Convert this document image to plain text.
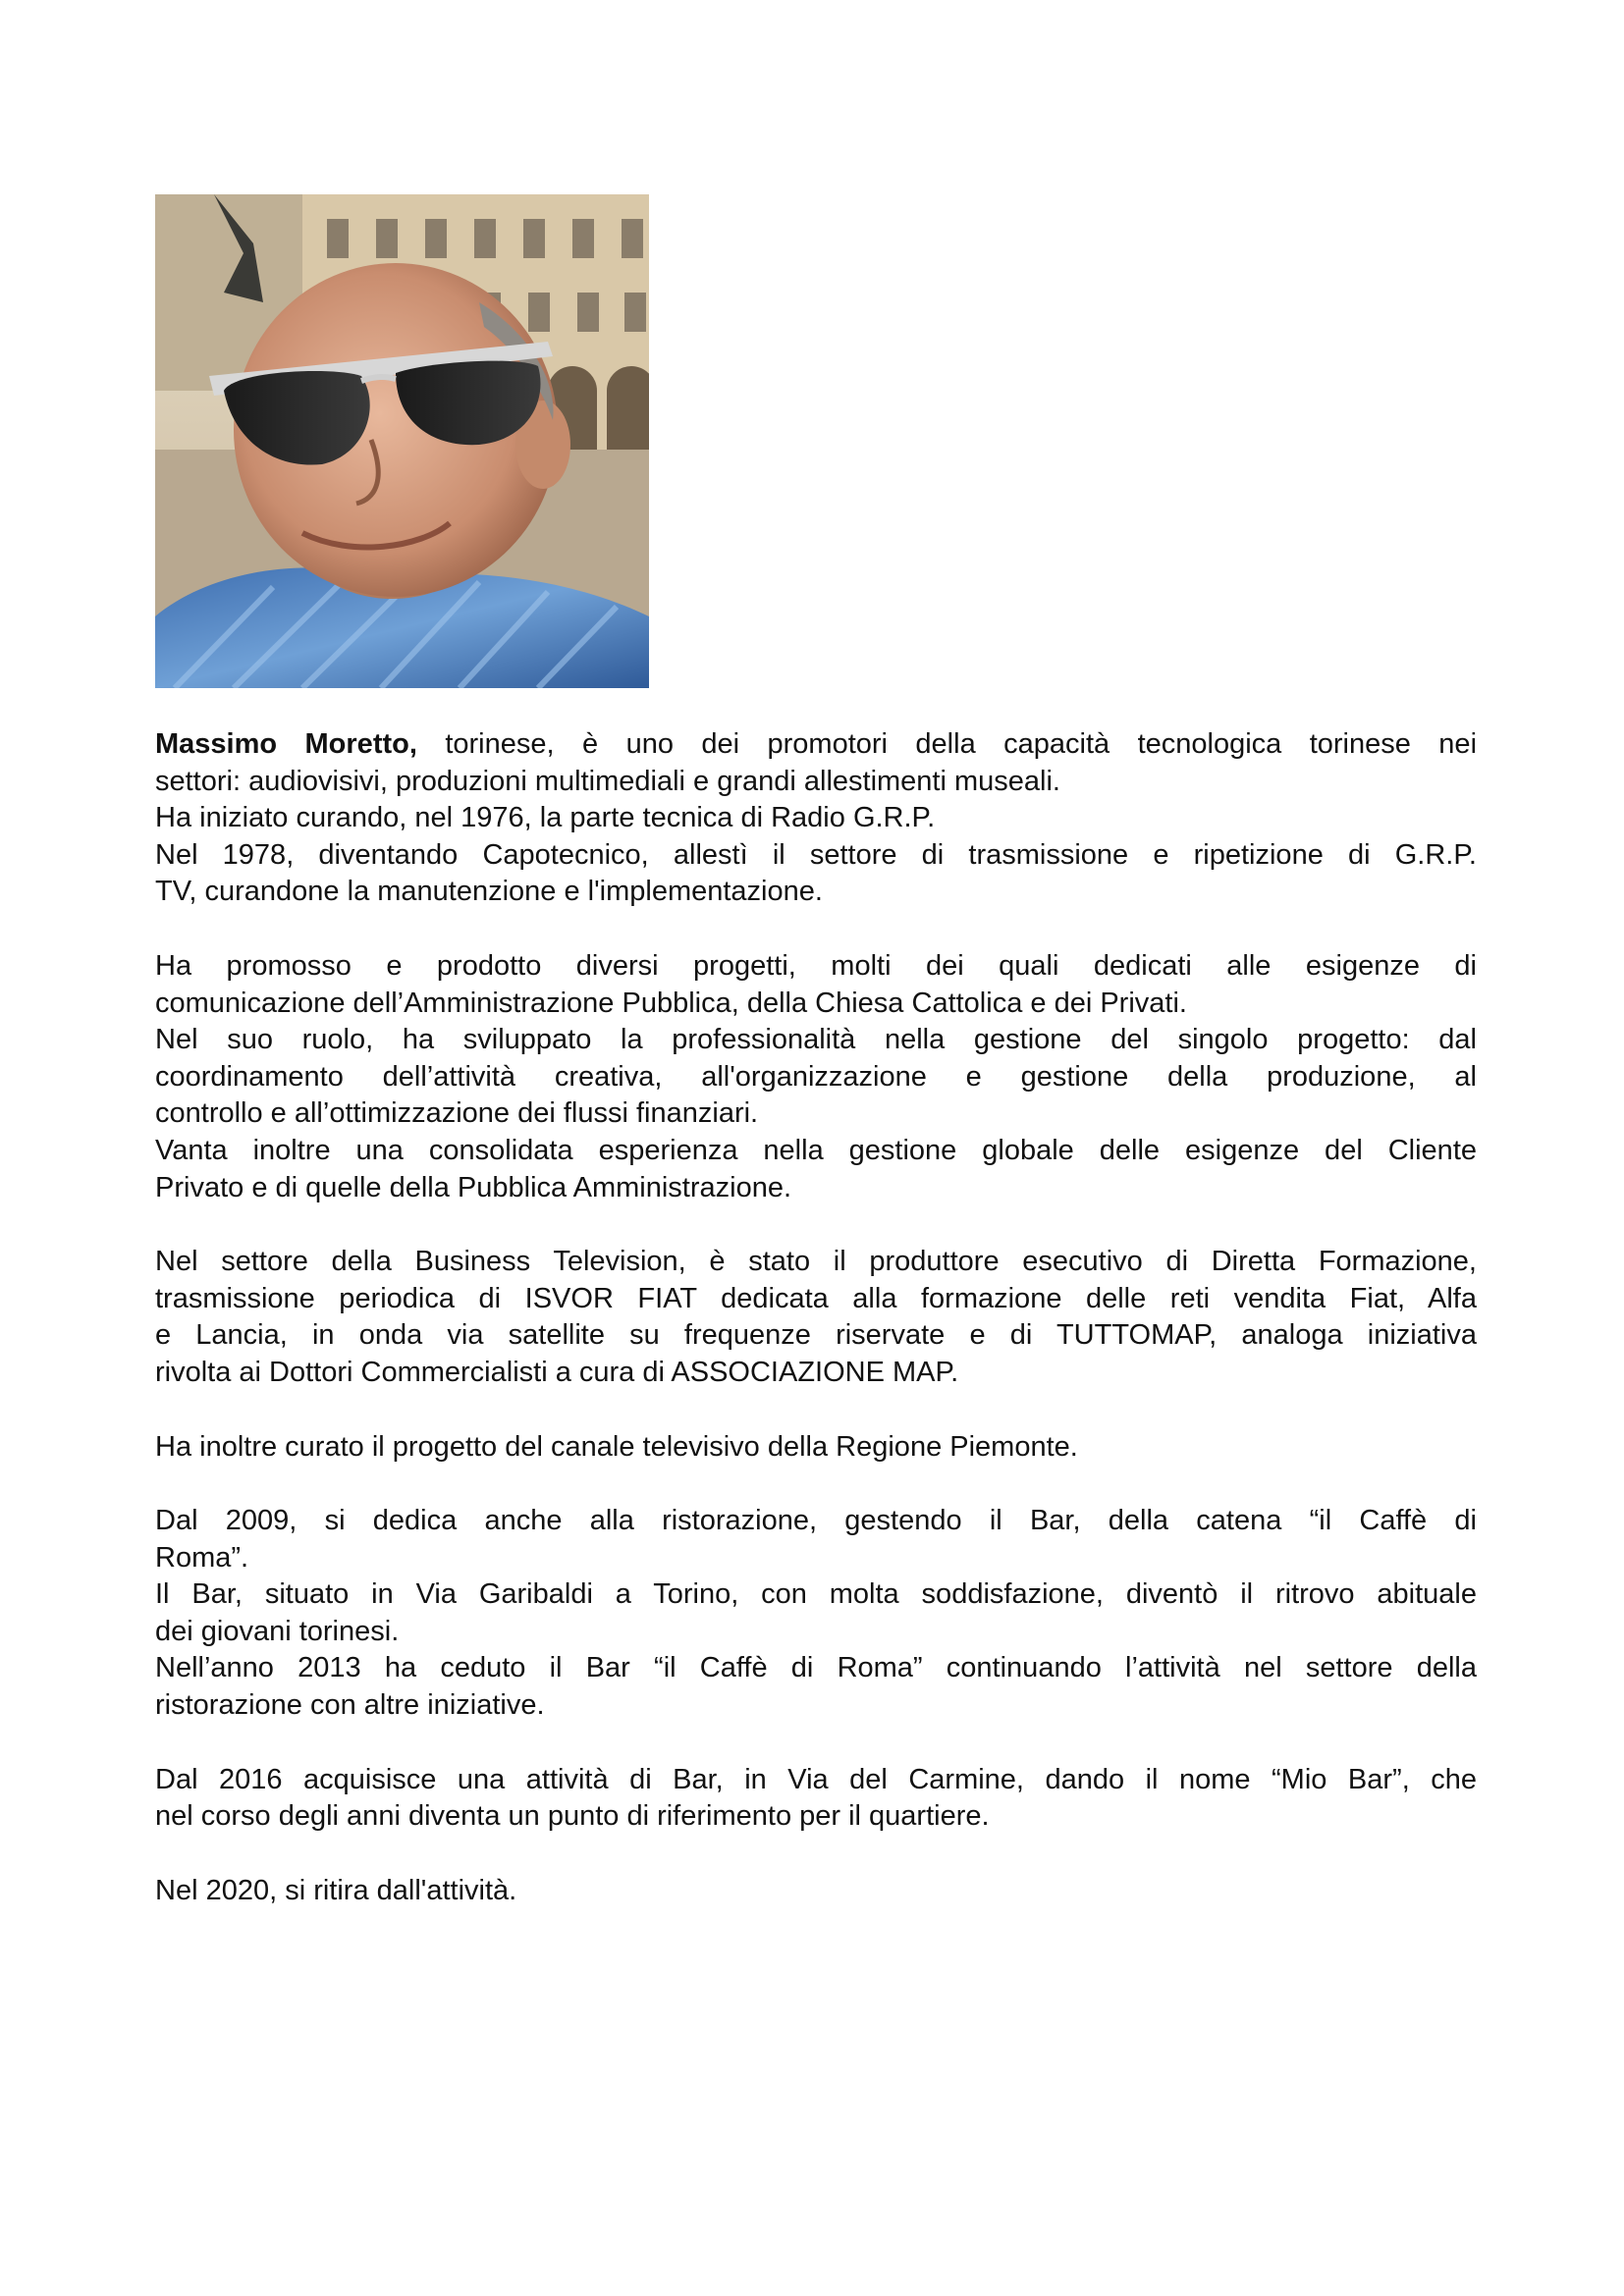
Massimo Moretto, torinese, è uno dei promotori della capacità tecnologica torinese nei
settori: audiovisivi, produzioni multimediali e grandi allestimenti museali.
Ha iniziato curando, nel 1976, la parte tecnica di Radio G.R.P.
Nel 1978, diventando Capotecnico, allestì il settore di trasmissione e ripetizione di G.R.P.
TV, curandone la manutenzione e l'implementazione.
Ha promosso e prodotto diversi progetti, molti dei quali dedicati alle esigenze di
comunicazione dell’Amministrazione Pubblica, della Chiesa Cattolica e dei Privati.
Nel suo ruolo, ha sviluppato la professionalità nella gestione del singolo progetto: dal
coordinamento dell’attività creativa, all'organizzazione e gestione della produzione, al
controllo e all’ottimizzazione dei flussi finanziari.
Vanta inoltre una consolidata esperienza nella gestione globale delle esigenze del Cliente
Privato e di quelle della Pubblica Amministrazione.
Nel settore della Business Television, è stato il produttore esecutivo di Diretta Formazione,
trasmissione periodica di ISVOR FIAT dedicata alla formazione delle reti vendita Fiat, Alfa
e Lancia, in onda via satellite su frequenze riservate e di TUTTOMAP, analoga iniziativa
rivolta ai Dottori Commercialisti a cura di ASSOCIAZIONE MAP.
Ha inoltre curato il progetto del canale televisivo della Regione Piemonte.
Dal 2009, si dedica anche alla ristorazione, gestendo il Bar, della catena “il Caffè di
Roma”.
Il Bar, situato in Via Garibaldi a Torino, con molta soddisfazione, diventò il ritrovo abituale
dei giovani torinesi.
Nell’anno 2013 ha ceduto il Bar “il Caffè di Roma” continuando l’attività nel settore della
ristorazione con altre iniziative.
Dal 2016 acquisisce una attività di Bar, in Via del Carmine, dando il nome “Mio Bar”, che
nel corso degli anni diventa un punto di riferimento per il quartiere.
Nel 2020, si ritira dall'attività.
